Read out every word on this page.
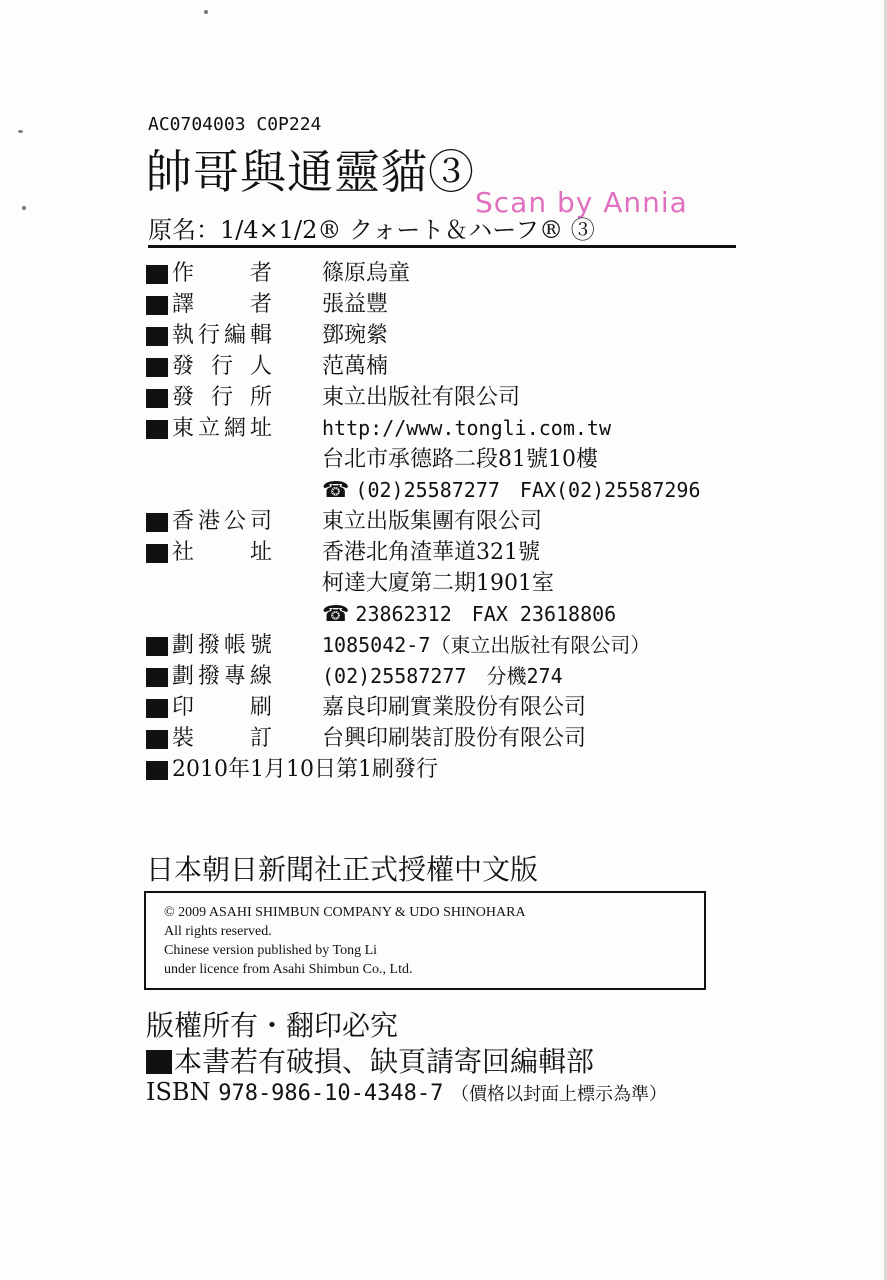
AC0704003 C0P224
帥哥與通靈貓③
Scan by Annia
原名：1/4×1/2® クォート＆ハーフ® ③
作	者 篠原烏童
譯	者 張益豐
執 行 編 輯 鄧琬縈
發 行 人 范萬楠
發 行 所 東立出版社有限公司
東 立 網 址	http://www.tongli.com.tw
台北市承德路二段81號10樓
☎ (02)25587277　FAX(02)25587296
香 港 公 司 東立出版集團有限公司
社	址 香港北角渣華道321號
柯達大廈第二期1901室
☎ 23862312　FAX 23618806
劃 撥 帳 號	1085042-7（東立出版社有限公司）
劃 撥 專 線	(02)25587277　分機274
印	刷 嘉良印刷實業股份有限公司
裝	訂 台興印刷裝訂股份有限公司
2010年1月10日第1刷發行
日本朝日新聞社正式授權中文版
© 2009 ASAHI SHIMBUN COMPANY & UDO SHINOHARA
All rights reserved.
Chinese version published by Tong Li
under licence from Asahi Shimbun Co., Ltd.
版權所有・翻印必究
本書若有破損、缺頁請寄回編輯部
ISBN 978-986-10-4348-7 （價格以封面上標示為準）
